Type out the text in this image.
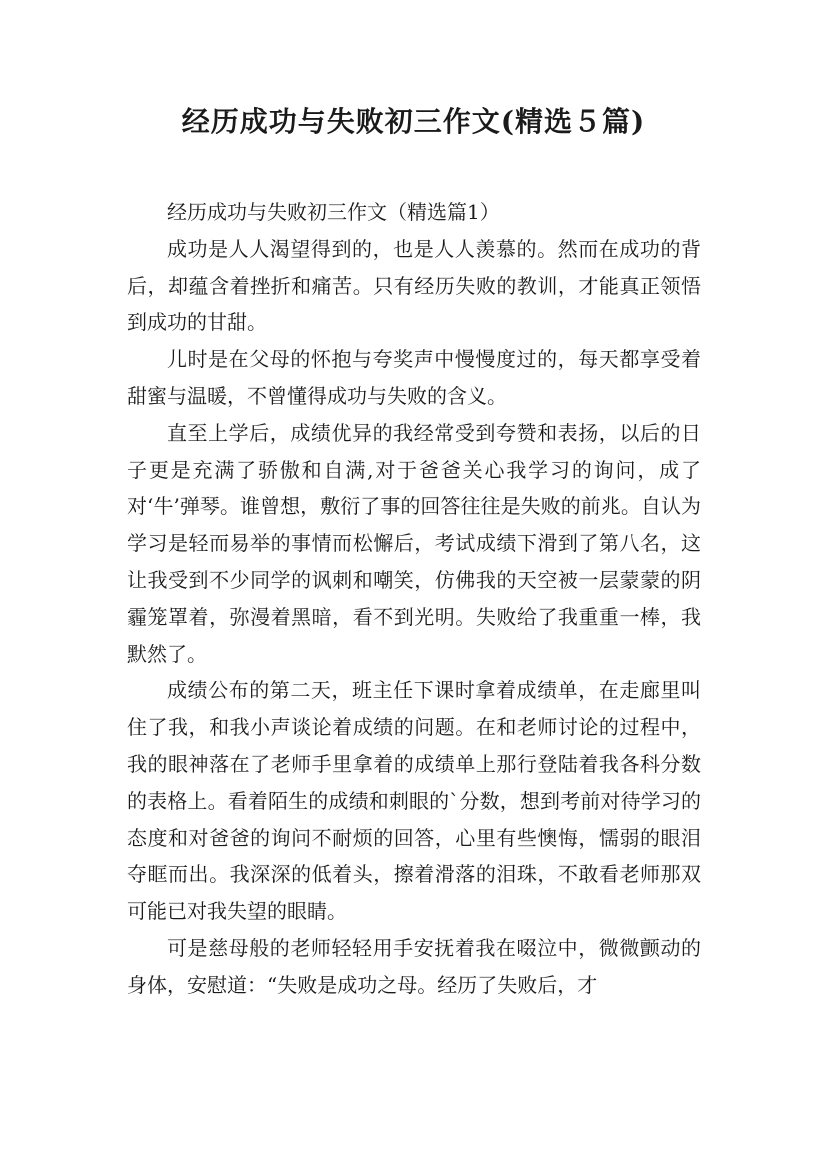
经历成功与失败初三作文(精选５篇)

经历成功与失败初三作文（精选篇1）

成功是人人渴望得到的，也是人人羡慕的。然而在成功的背后，却蕴含着挫折和痛苦。只有经历失败的教训，才能真正领悟到成功的甘甜。

儿时是在父母的怀抱与夸奖声中慢慢度过的，每天都享受着甜蜜与温暖，不曾懂得成功与失败的含义。

直至上学后，成绩优异的我经常受到夸赞和表扬，以后的日子更是充满了骄傲和自满,对于爸爸关心我学习的询问，成了对‘牛’弹琴。谁曾想，敷衍了事的回答往往是失败的前兆。自认为学习是轻而易举的事情而松懈后，考试成绩下滑到了第八名，这让我受到不少同学的讽刺和嘲笑，仿佛我的天空被一层蒙蒙的阴霾笼罩着，弥漫着黑暗，看不到光明。失败给了我重重一棒，我默然了。

成绩公布的第二天，班主任下课时拿着成绩单，在走廊里叫住了我，和我小声谈论着成绩的问题。在和老师讨论的过程中，我的眼神落在了老师手里拿着的成绩单上那行登陆着我各科分数的表格上。看着陌生的成绩和刺眼的`分数，想到考前对待学习的态度和对爸爸的询问不耐烦的回答，心里有些懊悔，懦弱的眼泪夺眶而出。我深深的低着头，擦着滑落的泪珠，不敢看老师那双可能已对我失望的眼睛。

可是慈母般的老师轻轻用手安抚着我在啜泣中，微微颤动的身体，安慰道：“失败是成功之母。经历了失败后，才
